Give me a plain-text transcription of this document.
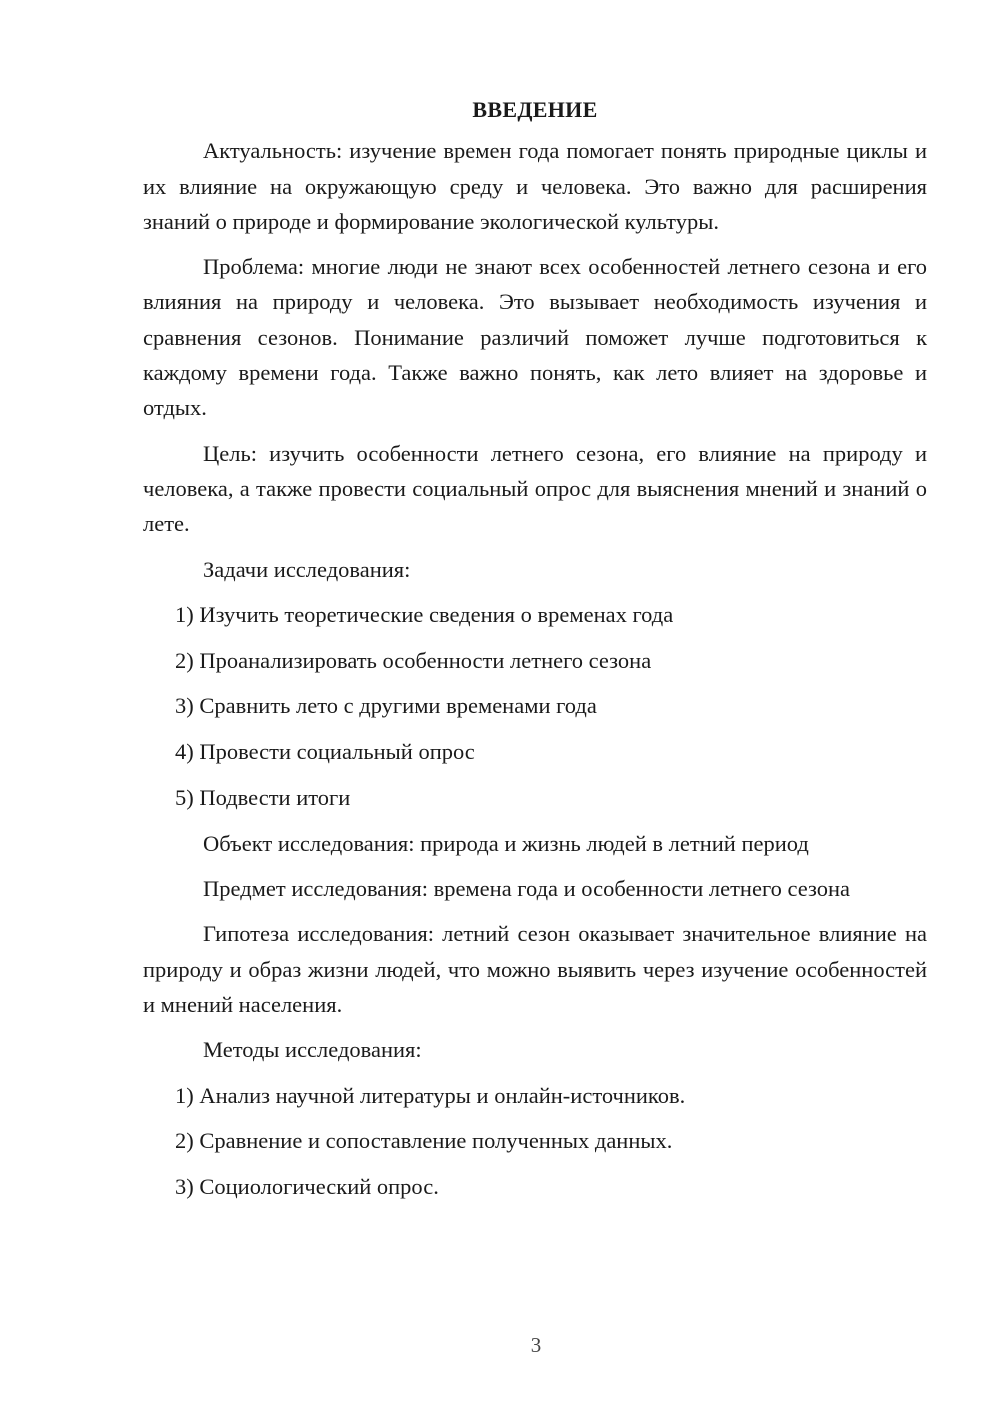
ВВЕДЕНИЕ
Актуальность: изучение времен года помогает понять природные циклы и их влияние на окружающую среду и человека. Это важно для расширения знаний о природе и формирование экологической культуры.
Проблема: многие люди не знают всех особенностей летнего сезона и его влияния на природу и человека. Это вызывает необходимость изучения и сравнения сезонов. Понимание различий поможет лучше подготовиться к каждому времени года. Также важно понять, как лето влияет на здоровье и отдых.
Цель: изучить особенности летнего сезона, его влияние на природу и человека, а также провести социальный опрос для выяснения мнений и знаний о лете.
Задачи исследования:
1) Изучить теоретические сведения о временах года
2) Проанализировать особенности летнего сезона
3) Сравнить лето с другими временами года
4) Провести социальный опрос
5) Подвести итоги
Объект исследования: природа и жизнь людей в летний период
Предмет исследования: времена года и особенности летнего сезона
Гипотеза исследования: летний сезон оказывает значительное влияние на природу и образ жизни людей, что можно выявить через изучение особенностей и мнений населения.
Методы исследования:
1) Анализ научной литературы и онлайн-источников.
2) Сравнение и сопоставление полученных данных.
3) Социологический опрос.
3
